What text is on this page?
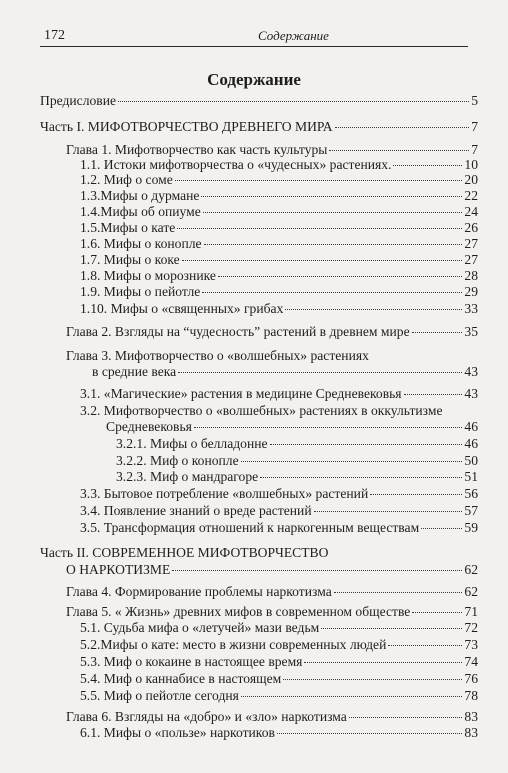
172	Содержание
Содержание
Предисловие	5
Часть I. МИФОТВОРЧЕСТВО ДРЕВНЕГО МИРА	7
Глава 1. Мифотворчество как часть культуры	7
1.1. Истоки мифотворчества о «чудесных» растениях.	10
1.2. Миф о соме	20
1.3.Мифы о дурмане	22
1.4.Мифы об опиуме	24
1.5.Мифы о кате	26
1.6. Мифы о конопле	27
1.7. Мифы о коке	27
1.8. Мифы о морознике	28
1.9. Мифы о пейотле	29
1.10. Мифы о «священных» грибах	33
Глава 2. Взгляды на “чудесность” растений в древнем мире	35
Глава 3. Мифотворчество о «волшебных» растениях
в средние века	43
3.1. «Магические» растения в медицине Средневековья	43
3.2. Мифотворчество о «волшебных» растениях в оккультизме
Средневековья	46
3.2.1. Мифы о белладонне	46
3.2.2. Миф о конопле	50
3.2.3. Миф о мандрагоре	51
3.3. Бытовое потребление «волшебных» растений	56
3.4. Появление знаний о вреде растений	57
3.5. Трансформация отношений к наркогенным веществам	59
Часть II. СОВРЕМЕННОЕ МИФОТВОРЧЕСТВО
О НАРКОТИЗМЕ	62
Глава 4. Формирование проблемы наркотизма	62
Глава 5. « Жизнь» древних мифов в современном обществе	71
5.1. Судьба мифа о «летучей» мази ведьм	72
5.2.Мифы о кате: место в жизни современных людей	73
5.3. Миф о кокаине в настоящее время	74
5.4. Миф о каннабисе в настоящем	76
5.5. Миф о пейотле сегодня	78
Глава 6. Взгляды на «добро» и «зло» наркотизма	83
6.1. Мифы о «пользе» наркотиков	83
